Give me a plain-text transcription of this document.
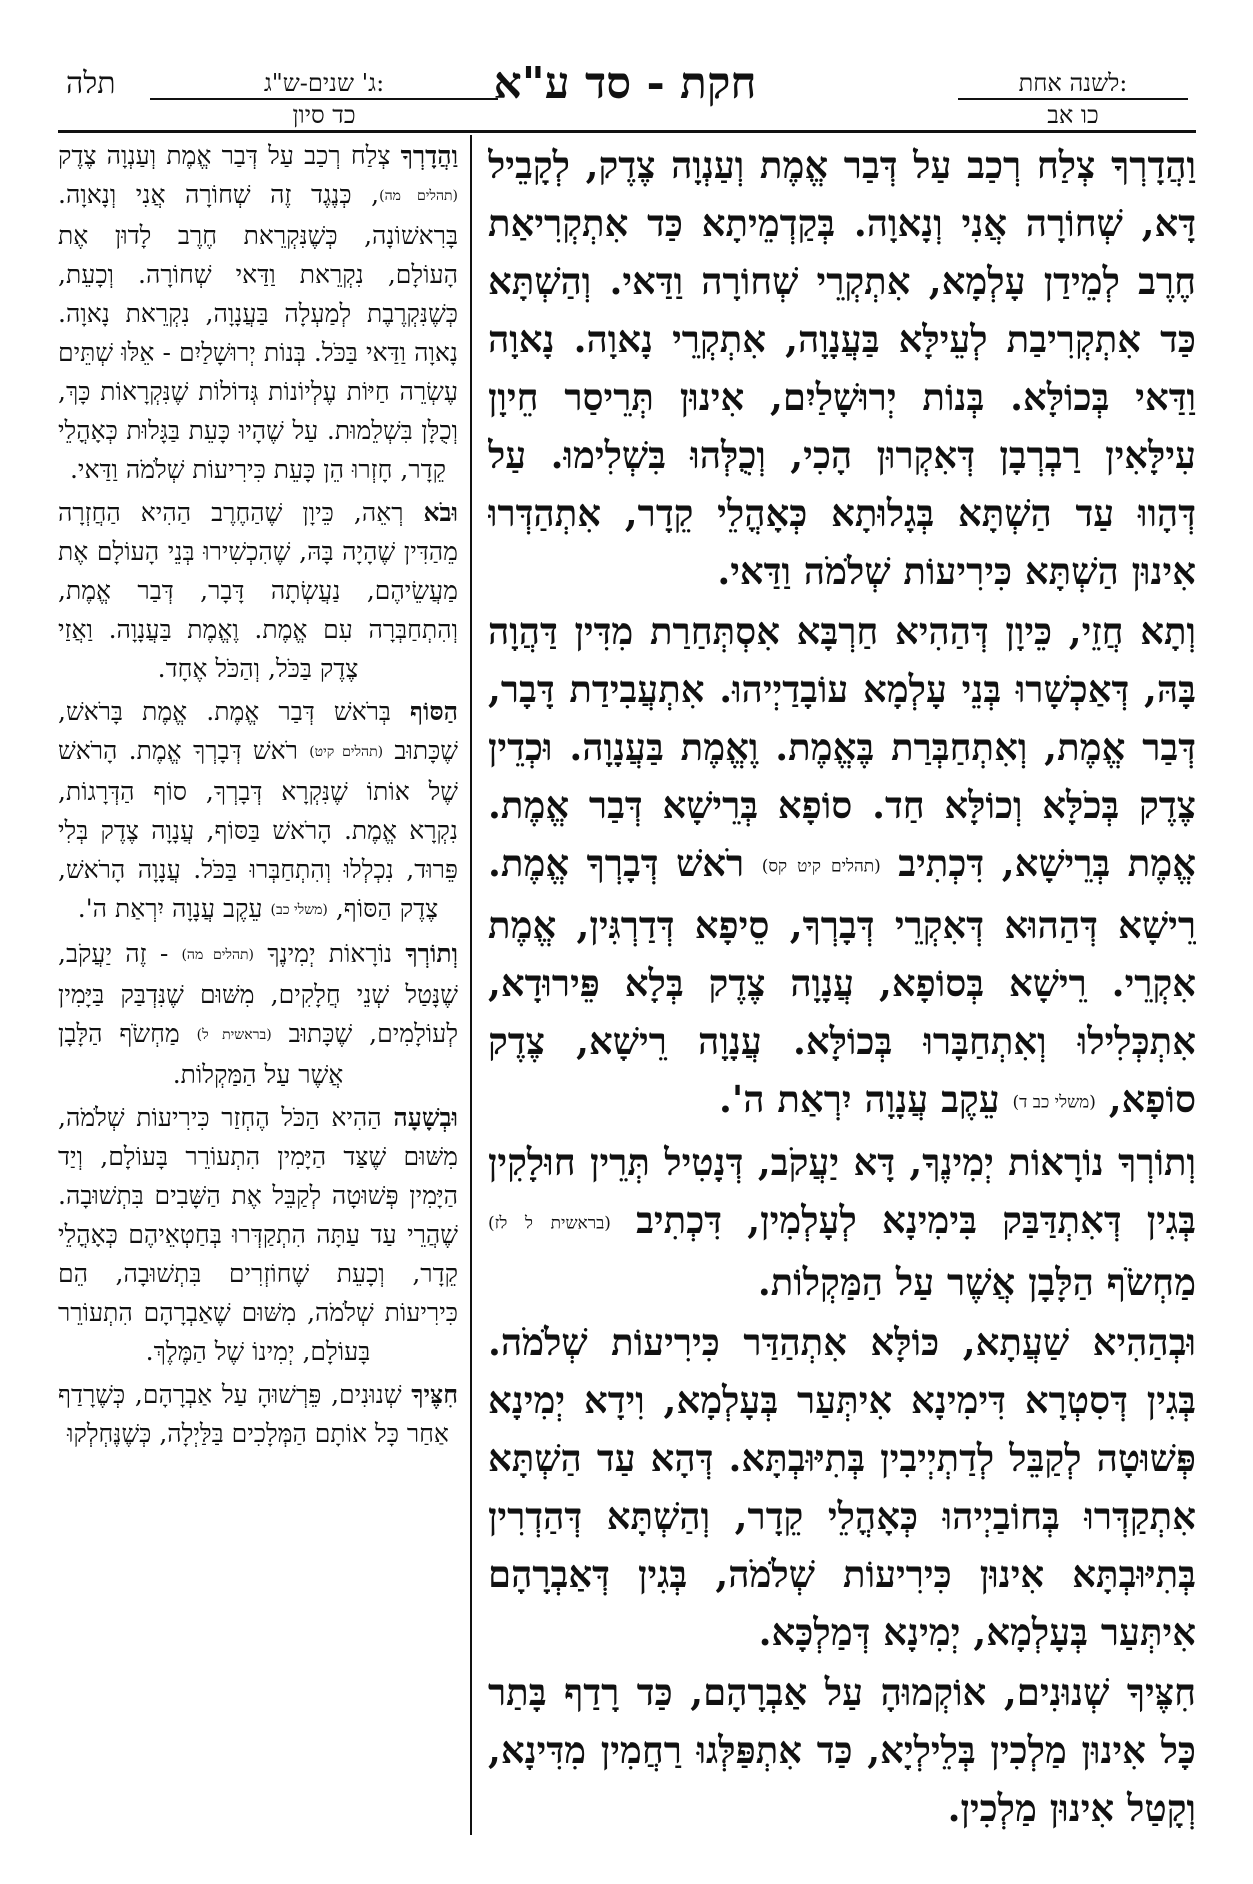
תלה	ג' שנים-ש"ג:
כד סיון
חקת - סד ע"א	לשנה אחת:
כו אב

וַהֲדָרְךָ צְלַח רְכַב עַל דְּבַר אֱמֶת וְעַנְוָה צֶדֶק, לְקָבֵיל דָּא, שְׁחוֹרָה אֲנִי וְנָאוָה. בְּקַדְמֵיתָא כַּד אִתְקְרִיאַת חֶרֶב לְמֵידַן עָלְמָא, אִתְקְרֵי שְׁחוֹרָה וַדַּאי. וְהַשְׁתָּא כַּד אִתְקְרִיבַת לְעֵילָּא בַּעֲנָוָה, אִתְקְרֵי נָאוָה. נָאוָה וַדַּאי בְּכוֹלָּא. בְּנוֹת יְרוּשָׁלַיִם, אִינוּן תְּרֵיסַר חֵיוָן עִילָּאִין רַבְרְבָן דְּאִקְרוּן הָכִי, וְכֻלְּהוּ בִּשְׁלִימוּ. עַל דְּהָווּ עַד הַשְׁתָּא בְּגָלוּתָא כְּאָהֳלֵי קֵדָר, אִתְהַדְּרוּ אִינוּן הַשְׁתָּא כִּירִיעוֹת שְׁלֹמֹה וַדַּאי.

וְתָא חֲזֵי, כֵּיוָן דְּהַהִיא חַרְבָּא אִסְתְּחַרַת מִדִּין דַּהֲוָה בָּהּ, דְּאַכְשָׁרוּ בְּנֵי עָלְמָא עוֹבָדַיְיהוּ. אִתְעֲבִידַת דָּבָר, דְּבַר אֱמֶת, וְאִתְחַבְּרַת בֶּאֱמֶת. וֶאֱמֶת בַּעֲנָוָה. וּכְדֵין צֶדֶק בְּכֹלָּא וְכוֹלָּא חַד. סוֹפָא בְּרֵישָׁא דְּבַר אֱמֶת. אֱמֶת בְּרֵישָׁא, דִּכְתִיב (תהלים קיט קס) רֹאשׁ דְּבָרְךָ אֱמֶת. רֵישָׁא דְּהַהוּא דְּאִקְרֵי דְּבָרְךָ, סֵיפָא דְּדַרְגִּין, אֱמֶת אִקְרֵי. רֵישָׁא בְּסוֹפָא, עֲנָוָה צֶדֶק בְּלָא פֵּירוּדָא, אִתְכְּלִילוּ וְאִתְחַבָּרוּ בְּכוֹלָּא. עֲנָוָה רֵישָׁא, צֶדֶק סוֹפָא, (משלי כב ד) עֵקֶב עֲנָוָה יִרְאַת ה'.

וְתוֹרְךָ נוֹרָאוֹת יְמִינֶךָ, דָּא יַעֲקֹב, דְּנָטִיל תְּרֵין חוּלָקִין בְּגִין דְּאִתְדַּבַּק בִּימִינָא לְעָלְמִין, דִּכְתִיב (בראשית ל לז) מַחְשֹׂף הַלָּבָן אֲשֶׁר עַל הַמַּקְלוֹת.

וּבְהַהִיא שַׁעֲתָא, כּוֹלָּא אִתְהַדַּר כִּירִיעוֹת שְׁלֹמֹה. בְּגִין דְּסִטְרָא דִּימִינָא אִיתְּעַר בְּעָלְמָא, וִידָא יְמִינָא פְּשׁוּטָה לְקַבֵּל לְדַתְיְיבִין בְּתִיּוּבְתָּא. דְּהָא עַד הַשְׁתָּא אִתְקַדְּרוּ בְּחוֹבַיְיהוּ כְּאָהֳלֵי קֵדָר, וְהַשְׁתָּא דְּהַדְרִין בְּתִיּוּבְתָּא אִינוּן כִּירִיעוֹת שְׁלֹמֹה, בְּגִין דְּאַבְרָהָם אִיתְּעַר בְּעָלְמָא, יְמִינָא דְּמַלְכָּא.

חִצֶּיךָ שְׁנוּנִים, אוֹקְמוּהָ עַל אַבְרָהָם, כַּד רָדַף בָּתַר כָּל אִינוּן מַלְכִין בְּלֵילְיָא, כַּד אִתְפַּלְּגוּ רַחֲמִין מִדִּינָא, וְקָטַל אִינוּן מַלְכִין.

וַהֲדָרְךָ צְלַח רְכַב עַל דְּבַר אֱמֶת וְעַנְוָה צֶדֶק (תהלים מה), כְּנֶגֶד זֶה שְׁחוֹרָה אֲנִי וְנָאוָה. בָּרִאשׁוֹנָה, כְּשֶׁנִּקְרֵאת חֶרֶב לָדוּן אֶת הָעוֹלָם, נִקְרֵאת וַדַּאי שְׁחוֹרָה. וְכָעֵת, כְּשֶׁנִּקְרֶבֶת לְמַעְלָה בַּעֲנָוָה, נִקְרֵאת נָאוָה. נָאוָה וַדַּאי בַּכֹּל. בְּנוֹת יְרוּשָׁלַיִם - אֵלּוּ שְׁתֵּים עֶשְׂרֵה חַיּוֹת עֶלְיוֹנוֹת גְּדוֹלוֹת שֶׁנִּקְרָאוֹת כָּךְ, וְכֻלָּן בִּשְׁלֵמוּת. עַל שֶׁהָיוּ כָּעֵת בַּגָּלוּת כְּאָהֳלֵי קֵדָר, חָזְרוּ הֵן כָּעֵת כִּירִיעוֹת שְׁלֹמֹה וַדַּאי.

וּבֹא רְאֵה, כֵּיוָן שֶׁהַחֶרֶב הַהִיא הַחֲזְרָה מֵהַדִּין שֶׁהָיָה בָּהּ, שֶׁהִכְשִׁירוּ בְּנֵי הָעוֹלָם אֶת מַעֲשֵׂיהֶם, נַעֲשְׂתָה דָּבָר, דְּבַר אֱמֶת, וְהִתְחַבְּרָה עִם אֱמֶת. וֶאֱמֶת בַּעֲנָוָה. וַאֲזַי צֶדֶק בַּכֹּל, וְהַכֹּל אֶחָד.

הַסּוֹף בְּרֹאשׁ דְּבַר אֱמֶת. אֱמֶת בָּרֹאשׁ, שֶׁכָּתוּב (תהלים קיט) רֹאשׁ דְּבָרְךָ אֱמֶת. הָרֹאשׁ שֶׁל אוֹתוֹ שֶׁנִּקְרָא דְּבָרְךָ, סוֹף הַדְּרָגוֹת, נִקְרָא אֱמֶת. הָרֹאשׁ בַּסּוֹף, עֲנָוָה צֶדֶק בְּלִי פֵּרוּד, נִכְלְלוּ וְהִתְחַבְּרוּ בַּכֹּל. עֲנָוָה הָרֹאשׁ, צֶדֶק הַסּוֹף, (משלי כב) עֵקֶב עֲנָוָה יִרְאַת ה'.

וְתוֹרְךָ נוֹרָאוֹת יְמִינֶךָ (תהלים מה) - זֶה יַעֲקֹב, שֶׁנָּטַל שְׁנֵי חֲלָקִים, מִשּׁוּם שֶׁנִּדְבַּק בַּיָּמִין לְעוֹלָמִים, שֶׁכָּתוּב (בראשית ל) מַחְשֹׂף הַלָּבָן אֲשֶׁר עַל הַמַּקְלוֹת.

וּבְשָׁעָה הַהִיא הַכֹּל הֶחְזַר כִּירִיעוֹת שְׁלֹמֹה, מִשּׁוּם שֶׁצַּד הַיָּמִין הִתְעוֹרֵר בָּעוֹלָם, וְיַד הַיָּמִין פְּשׁוּטָה לְקַבֵּל אֶת הַשָּׁבִים בִּתְשׁוּבָה. שֶׁהֲרֵי עַד עַתָּה הִתְקַדְּרוּ בְּחַטְאֵיהֶם כְּאָהֳלֵי קֵדָר, וְכָעֵת שֶׁחוֹזְרִים בִּתְשׁוּבָה, הֵם כִּירִיעוֹת שְׁלֹמֹה, מִשּׁוּם שֶׁאַבְרָהָם הִתְעוֹרֵר בָּעוֹלָם, יְמִינוֹ שֶׁל הַמֶּלֶךְ.

חִצֶּיךָ שְׁנוּנִים, פֵּרְשׁוּהָ עַל אַבְרָהָם, כְּשֶׁרָדַף אַחַר כָּל אוֹתָם הַמְּלָכִים בַּלַּיְלָה, כְּשֶׁנֶּחְלְקוּ
